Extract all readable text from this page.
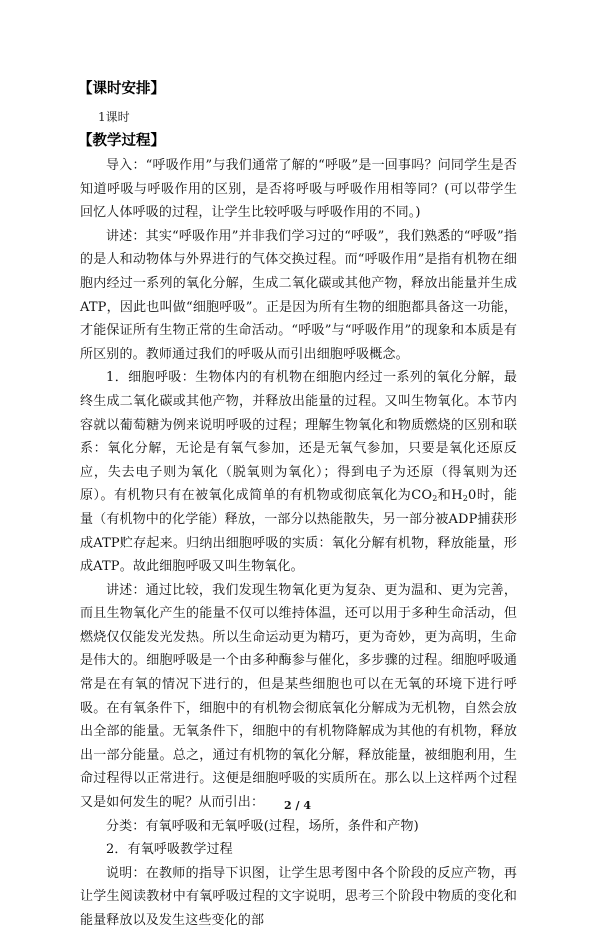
【课时安排】
1课时
【教学过程】

导入：“呼吸作用”与我们通常了解的“呼吸”是一回事吗？问同学生是否知道呼吸与呼吸作用的区别，是否将呼吸与呼吸作用相等同？(可以带学生回忆人体呼吸的过程，让学生比较呼吸与呼吸作用的不同。)

讲述：其实“呼吸作用”并非我们学习过的“呼吸”，我们熟悉的“呼吸”指的是人和动物体与外界进行的气体交换过程。而“呼吸作用”是指有机物在细胞内经过一系列的氧化分解，生成二氧化碳或其他产物，释放出能量并生成ATP，因此也叫做“细胞呼吸”。正是因为所有生物的细胞都具备这一功能，才能保证所有生物正常的生命活动。“呼吸”与“呼吸作用”的现象和本质是有所区别的。教师通过我们的呼吸从而引出细胞呼吸概念。

1．细胞呼吸：生物体内的有机物在细胞内经过一系列的氧化分解，最终生成二氧化碳或其他产物，并释放出能量的过程。又叫生物氧化。本节内容就以葡萄糖为例来说明呼吸的过程；理解生物氧化和物质燃烧的区别和联系：氧化分解，无论是有氧气参加，还是无氧气参加，只要是氧化还原反应，失去电子则为氧化（脱氧则为氧化）；得到电子为还原（得氧则为还原）。有机物只有在被氧化成简单的有机物或彻底氧化为$CO_2$和$H_20$时，能量（有机物中的化学能）释放，一部分以热能散失，另一部分被ADP捕获形成ATP贮存起来。归纳出细胞呼吸的实质：氧化分解有机物，释放能量，形成ATP。故此细胞呼吸又叫生物氧化。

讲述：通过比较，我们发现生物氧化更为复杂、更为温和、更为完善，而且生物氧化产生的能量不仅可以维持体温，还可以用于多种生命活动，但燃烧仅仅能发光发热。所以生命运动更为精巧，更为奇妙，更为高明，生命是伟大的。细胞呼吸是一个由多种酶参与催化，多步骤的过程。细胞呼吸通常是在有氧的情况下进行的，但是某些细胞也可以在无氧的环境下进行呼吸。在有氧条件下，细胞中的有机物会彻底氧化分解成为无机物，自然会放出全部的能量。无氧条件下，细胞中的有机物降解成为其他的有机物，释放出一部分能量。总之，通过有机物的氧化分解，释放能量，被细胞利用，生命过程得以正常进行。这便是细胞呼吸的实质所在。那么以上这样两个过程又是如何发生的呢？从而引出：

分类：有氧呼吸和无氧呼吸(过程，场所，条件和产物)

2．有氧呼吸教学过程

说明：在教师的指导下识图，让学生思考图中各个阶段的反应产物，再让学生阅读教材中有氧呼吸过程的文字说明，思考三个阶段中物质的变化和能量释放以及发生这些变化的部

2 / 4
